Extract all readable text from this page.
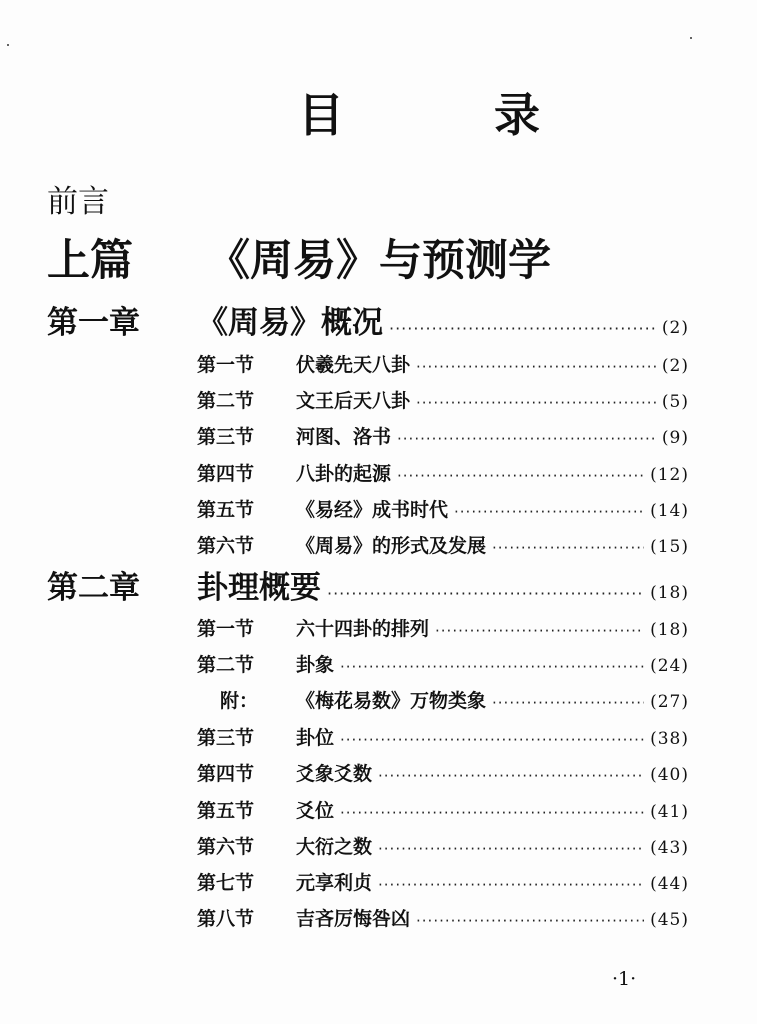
目　录
前言
上篇 《周易》与预测学
第一章	《周易》概况 ·····	(2)
第一节	伏羲先天八卦 ·····	(2)
第二节	文王后天八卦 ·····	(5)
第三节	河图、洛书 ·····	(9)
第四节	八卦的起源 ·····	(12)
第五节	《易经》成书时代 ·····	(14)
第六节	《周易》的形式及发展 ·····	(15)
第二章	卦理概要 ·····	(18)
第一节	六十四卦的排列 ·····	(18)
第二节	卦象 ·····	(24)
附：	《梅花易数》万物类象 ·····	(27)
第三节	卦位 ·····	(38)
第四节	爻象爻数 ·····	(40)
第五节	爻位 ·····	(41)
第六节	大衍之数 ·····	(43)
第七节	元享利贞 ·····	(44)
第八节	吉吝厉悔咎凶 ·····	(45)
·1·
